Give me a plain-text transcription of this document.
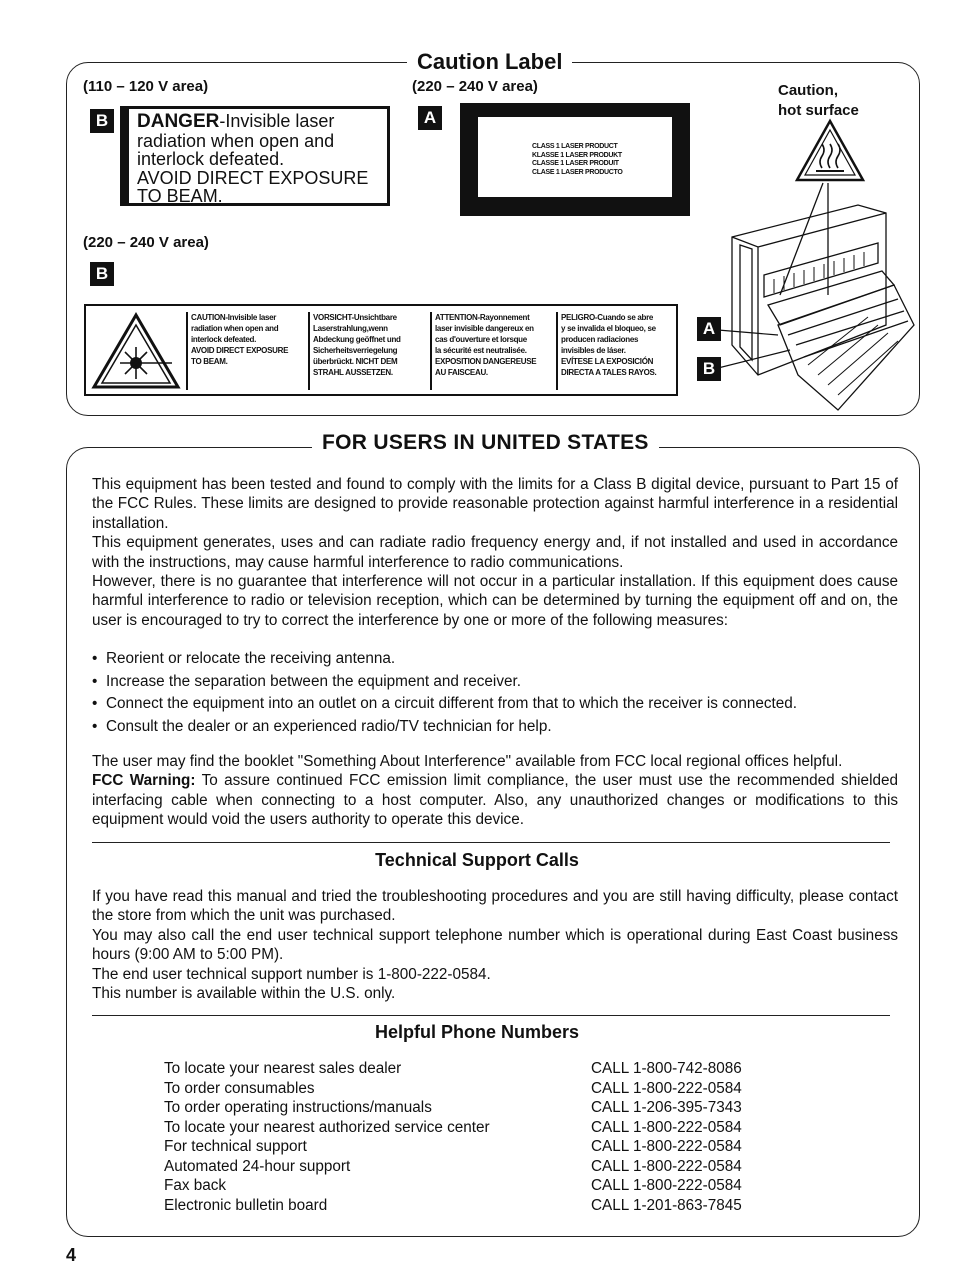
Caution Label
(110 – 120 V area)	(220 – 240 V area)	Caution,
hot surface
B	DANGER-Invisible laser
radiation when open and
interlock defeated.
AVOID DIRECT EXPOSURE
TO BEAM.
A
CLASS 1 LASER PRODUCT
KLASSE 1 LASER PRODUKT
CLASSE 1 LASER PRODUIT
CLASE 1 LASER PRODUCTO
(220 – 240 V area)
B
CAUTION-Invisible laser
radiation when open and
interlock defeated.
AVOID DIRECT EXPOSURE
TO BEAM.
VORSICHT-Unsichtbare
Laserstrahlung,wenn
Abdeckung geöffnet und
Sicherheitsverriegelung
überbrückt. NICHT DEM
STRAHL AUSSETZEN.
ATTENTION-Rayonnement
laser invisible dangereux en
cas d'ouverture et lorsque
la sécurité est neutralisée.
EXPOSITION DANGEREUSE
AU FAISCEAU.
PELIGRO-Cuando se abre
y se invalida el bloqueo, se
producen radiaciones
invisibles de láser.
EVÍTESE LA EXPOSICIÓN
DIRECTA A TALES RAYOS.
A
B
FOR USERS IN UNITED STATES

This equipment has been tested and found to comply with the limits for a Class B digital device, pursuant to Part 15 of the FCC Rules. These limits are designed to provide reasonable protection against harmful interference in a residential installation.

This equipment generates, uses and can radiate radio frequency energy and, if not installed and used in accordance with the instructions, may cause harmful interference to radio communications.

However, there is no guarantee that interference will not occur in a particular installation. If this equipment does cause harmful interference to radio or television reception, which can be determined by turning the equipment off and on, the user is encouraged to try to correct the interference by one or more of the following measures:

• Reorient or relocate the receiving antenna.
• Increase the separation between the equipment and receiver.
• Connect the equipment into an outlet on a circuit different from that to which the receiver is connected.
• Consult the dealer or an experienced radio/TV technician for help.

The user may find the booklet "Something About Interference" available from FCC local regional offices helpful.

FCC Warning: To assure continued FCC emission limit compliance, the user must use the recommended shielded interfacing cable when connecting to a host computer. Also, any unauthorized changes or modifications to this equipment would void the users authority to operate this device.

Technical Support Calls

If you have read this manual and tried the troubleshooting procedures and you are still having difficulty, please contact the store from which the unit was purchased.

You may also call the end user technical support telephone number which is operational during East Coast business hours (9:00 AM to 5:00 PM).

The end user technical support number is 1-800-222-0584.

This number is available within the U.S. only.

Helpful Phone Numbers
To locate your nearest sales dealer	CALL 1-800-742-8086
To order consumables	CALL 1-800-222-0584
To order operating instructions/manuals	CALL 1-206-395-7343
To locate your nearest authorized service center	CALL 1-800-222-0584
For technical support	CALL 1-800-222-0584
Automated 24-hour support	CALL 1-800-222-0584
Fax back	CALL 1-800-222-0584
Electronic bulletin board	CALL 1-201-863-7845
4
